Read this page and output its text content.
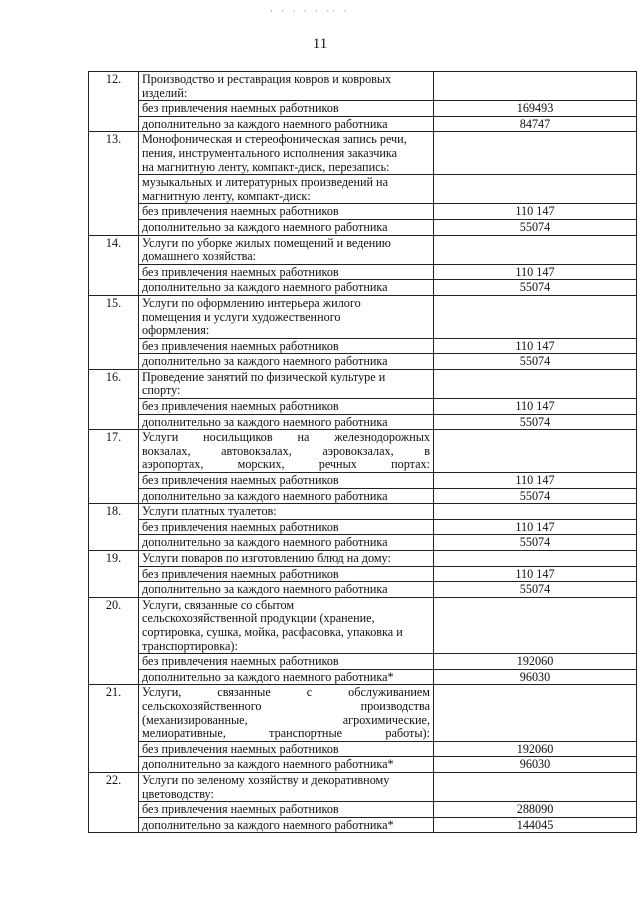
· · · · · ·· ·
11
12.	Производство и реставрация ковров и ковровых
изделий:	

	без привлечения наемных работников	169493
	дополнительно за каждого наемного работника	84747
13.	Монофоническая и стереофоническая запись речи,
пения, инструментального исполнения заказчика
на магнитную ленту, компакт-диск, перезапись:	

	музыкальных и литературных произведений на
магнитную ленту, компакт-диск:	

	без привлечения наемных работников	110 147
	дополнительно за каждого наемного работника	55074
14.	Услуги по уборке жилых помещений и ведению
домашнего хозяйства:	

	без привлечения наемных работников	110 147
	дополнительно за каждого наемного работника	55074
15.	Услуги по оформлению интерьера жилого
помещения и услуги художественного
оформления:	

	без привлечения наемных работников	110 147
	дополнительно за каждого наемного работника	55074
16.	Проведение занятий по физической культуре и
спорту:	

	без привлечения наемных работников	110 147
	дополнительно за каждого наемного работника	55074
17.	Услуги носильщиков на железнодорожных
вокзалах, автовокзалах, аэровокзалах, в
аэропортах, морских, речных портах:	

	без привлечения наемных работников	110 147
	дополнительно за каждого наемного работника	55074
18.	Услуги платных туалетов:	

	без привлечения наемных работников	110 147
	дополнительно за каждого наемного работника	55074
19.	Услуги поваров по изготовлению блюд на дому:	

	без привлечения наемных работников	110 147
	дополнительно за каждого наемного работника	55074
20.	Услуги, связанные со сбытом
сельскохозяйственной продукции (хранение,
сортировка, сушка, мойка, расфасовка, упаковка и
транспортировка):	

	без привлечения наемных работников	192060
	дополнительно за каждого наемного работника*	96030
21.	Услуги, связанные с обслуживанием
сельскохозяйственного производства
(механизированные, агрохимические,
мелиоративные, транспортные работы):	

	без привлечения наемных работников	192060
	дополнительно за каждого наемного работника*	96030
22.	Услуги по зеленому хозяйству и декоративному
цветоводству:	

	без привлечения наемных работников	288090
	дополнительно за каждого наемного работника*	144045
